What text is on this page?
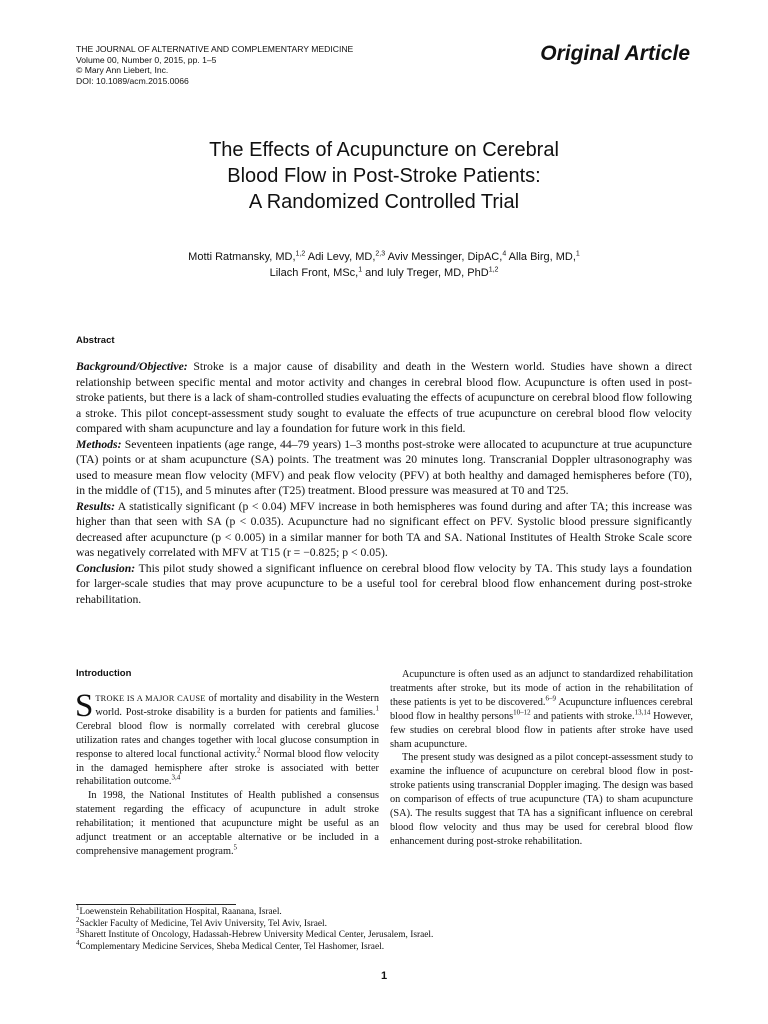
THE JOURNAL OF ALTERNATIVE AND COMPLEMENTARY MEDICINE
Volume 00, Number 0, 2015, pp. 1–5
© Mary Ann Liebert, Inc.
DOI: 10.1089/acm.2015.0066
Original Article
The Effects of Acupuncture on Cerebral
Blood Flow in Post-Stroke Patients:
A Randomized Controlled Trial
Motti Ratmansky, MD,$^{1,2}$ Adi Levy, MD,$^{2,3}$ Aviv Messinger, DipAC,$^4$ Alla Birg, MD,$^1$
Lilach Front, MSc,$^1$ and Iuly Treger, MD, PhD$^{1,2}$
Abstract

Background/Objective: Stroke is a major cause of disability and death in the Western world. Studies have shown a direct relationship between specific mental and motor activity and changes in cerebral blood flow. Acupuncture is often used in post-stroke patients, but there is a lack of sham-controlled studies evaluating the effects of acupuncture on cerebral blood flow following a stroke. This pilot concept-assessment study sought to evaluate the effects of true acupuncture on cerebral blood flow velocity compared with sham acupuncture and lay a foundation for future work in this field.

Methods: Seventeen inpatients (age range, 44–79 years) 1–3 months post-stroke were allocated to acupuncture at true acupuncture (TA) points or at sham acupuncture (SA) points. The treatment was 20 minutes long. Transcranial Doppler ultrasonography was used to measure mean flow velocity (MFV) and peak flow velocity (PFV) at both healthy and damaged hemispheres before (T0), in the middle of (T15), and 5 minutes after (T25) treatment. Blood pressure was measured at T0 and T25.

Results: A statistically significant (p < 0.04) MFV increase in both hemispheres was found during and after TA; this increase was higher than that seen with SA (p < 0.035). Acupuncture had no significant effect on PFV. Systolic blood pressure significantly decreased after acupuncture (p < 0.005) in a similar manner for both TA and SA. National Institutes of Health Stroke Scale score was negatively correlated with MFV at T15 (r = −0.825; p < 0.05).

Conclusion: This pilot study showed a significant influence on cerebral blood flow velocity by TA. This study lays a foundation for larger-scale studies that may prove acupuncture to be a useful tool for cerebral blood flow enhancement during post-stroke rehabilitation.

Introduction

STROKE IS A MAJOR CAUSE of mortality and disability in the Western world. Post-stroke disability is a burden for patients and families.$^1$ Cerebral blood flow is normally correlated with cerebral glucose utilization rates and changes together with local glucose consumption in response to altered local functional activity.$^2$ Normal blood flow velocity in the damaged hemisphere after stroke is associated with better rehabilitation outcome.$^{3,4}$

In 1998, the National Institutes of Health published a consensus statement regarding the efficacy of acupuncture in adult stroke rehabilitation; it mentioned that acupuncture might be useful as an adjunct treatment or an acceptable alternative or be included in a comprehensive management program.$^5$

Acupuncture is often used as an adjunct to standardized rehabilitation treatments after stroke, but its mode of action in the rehabilitation of these patients is yet to be discovered.$^{6-9}$ Acupuncture influences cerebral blood flow in healthy persons$^{10-12}$ and patients with stroke.$^{13,14}$ However, few studies on cerebral blood flow in patients after stroke have used sham acupuncture.

The present study was designed as a pilot concept-assessment study to examine the influence of acupuncture on cerebral blood flow in post-stroke patients using transcranial Doppler imaging. The design was based on comparison of effects of true acupuncture (TA) to sham acupuncture (SA). The results suggest that TA has a significant influence on cerebral blood flow velocity and thus may be used for cerebral blood flow enhancement during post-stroke rehabilitation.

$^1$Loewenstein Rehabilitation Hospital, Raanana, Israel.
$^2$Sackler Faculty of Medicine, Tel Aviv University, Tel Aviv, Israel.
$^3$Sharett Institute of Oncology, Hadassah-Hebrew University Medical Center, Jerusalem, Israel.
$^4$Complementary Medicine Services, Sheba Medical Center, Tel Hashomer, Israel.
1
